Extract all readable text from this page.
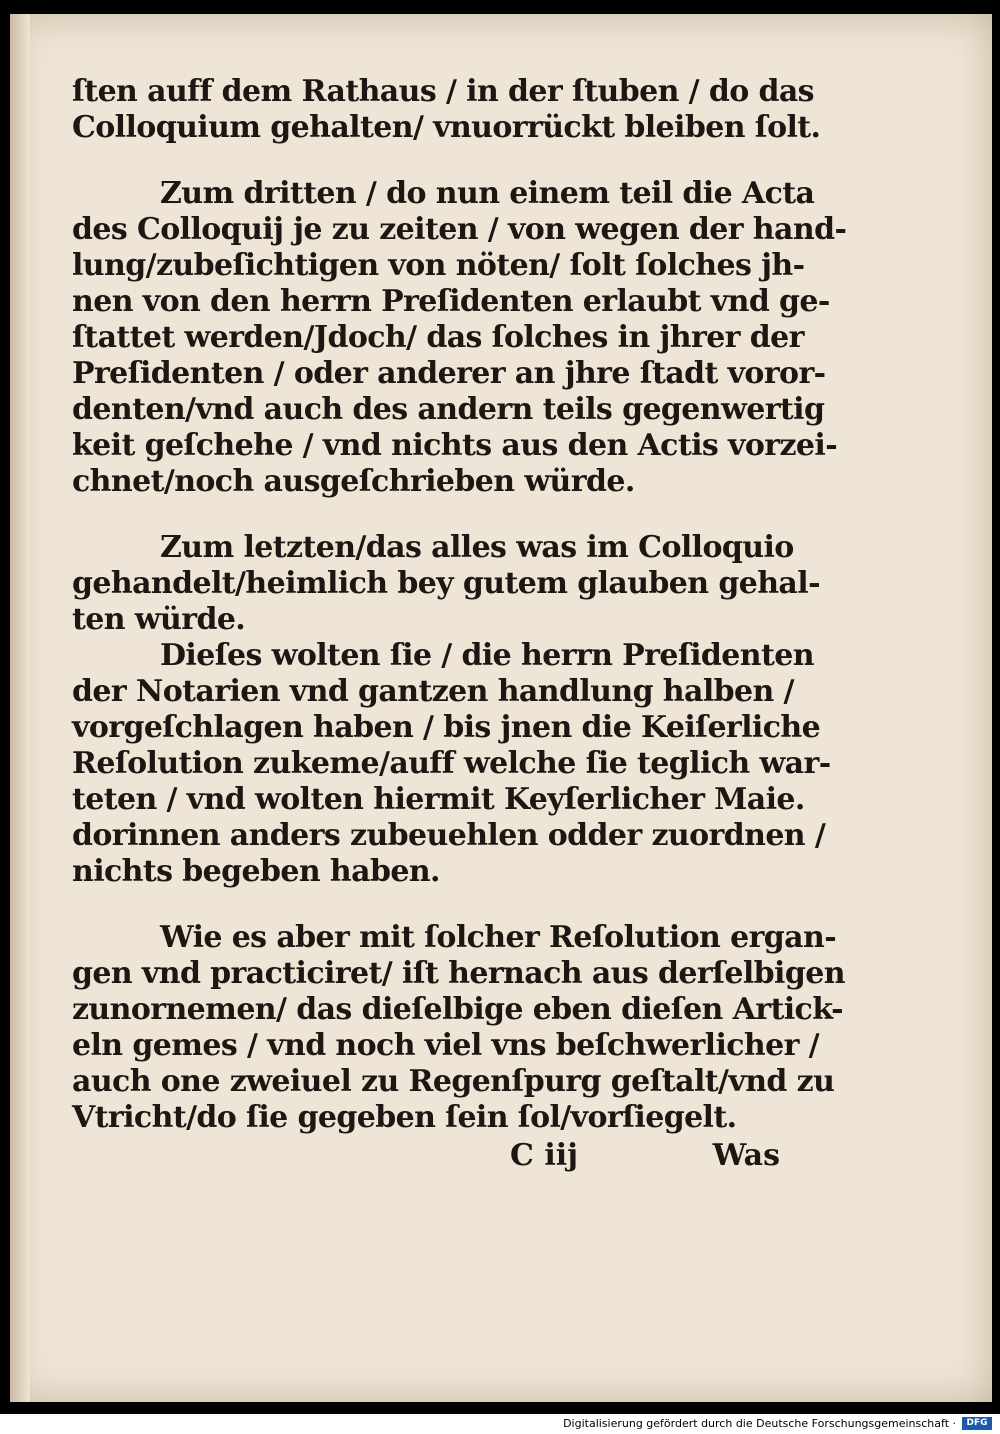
ſten auff dem Rathaus / in der ſtuben / do das
Colloquium gehalten/ vnuorrückt bleiben ſolt.
Zum dritten / do nun einem teil die Acta
des Colloquij je zu zeiten / von wegen der hand-
lung/zubeſichtigen von nöten/ ſolt ſolches jh-
nen von den herrn Preſidenten erlaubt vnd ge-
ſtattet werden/Jdoch/ das ſolches in jhrer der
Preſidenten / oder anderer an jhre ſtadt voror-
denten/vnd auch des andern teils gegenwertig
keit geſchehe / vnd nichts aus den Actis vorzei-
chnet/noch ausgeſchrieben würde.
Zum letzten/das alles was im Colloquio
gehandelt/heimlich bey gutem glauben gehal-
ten würde.
Dieſes wolten ſie / die herrn Preſidenten
der Notarien vnd gantzen handlung halben /
vorgeſchlagen haben / bis jnen die Keiſerliche
Reſolution zukeme/auff welche ſie teglich war-
teten / vnd wolten hiermit Keyſerlicher Maie.
dorinnen anders zubeuehlen odder zuordnen /
nichts begeben haben.
Wie es aber mit ſolcher Reſolution ergan-
gen vnd practiciret/ iſt hernach aus derſelbigen
zunornemen/ das dieſelbige eben dieſen Artick-
eln gemes / vnd noch viel vns beſchwerlicher /
auch one zweiuel zu Regenſpurg geſtalt/vnd zu
Vtricht/do ſie gegeben ſein ſol/vorſiegelt.
C iij	Was
Digitalisierung gefördert durch die Deutsche Forschungsgemeinschaft ·	DFG
